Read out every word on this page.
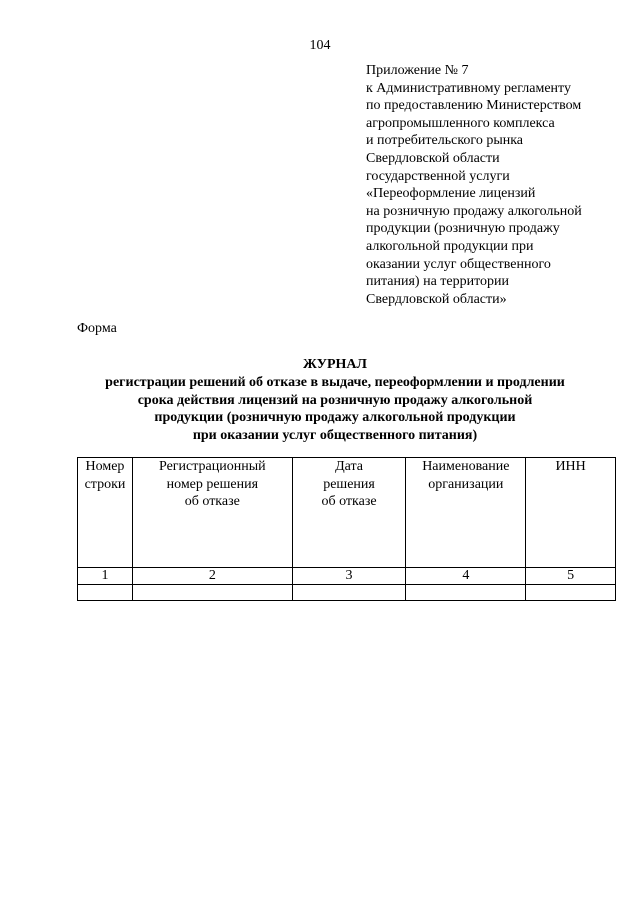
104
Приложение № 7
к Административному регламенту
по предоставлению Министерством
агропромышленного комплекса
и потребительского рынка
Свердловской области
государственной услуги
«Переоформление лицензий
на розничную продажу алкогольной
продукции (розничную продажу
алкогольной продукции при
оказании услуг общественного
питания) на территории
Свердловской области»
Форма
ЖУРНАЛ
регистрации решений об отказе в выдаче, переоформлении и продлении
срока действия лицензий на розничную продажу алкогольной
продукции (розничную продажу алкогольной продукции
при оказании услуг общественного питания)
Номер
строки	Регистрационный
номер решения
об отказе	Дата
решения
об отказе	Наименование
организации	ИНН

1	2	3	4	5
